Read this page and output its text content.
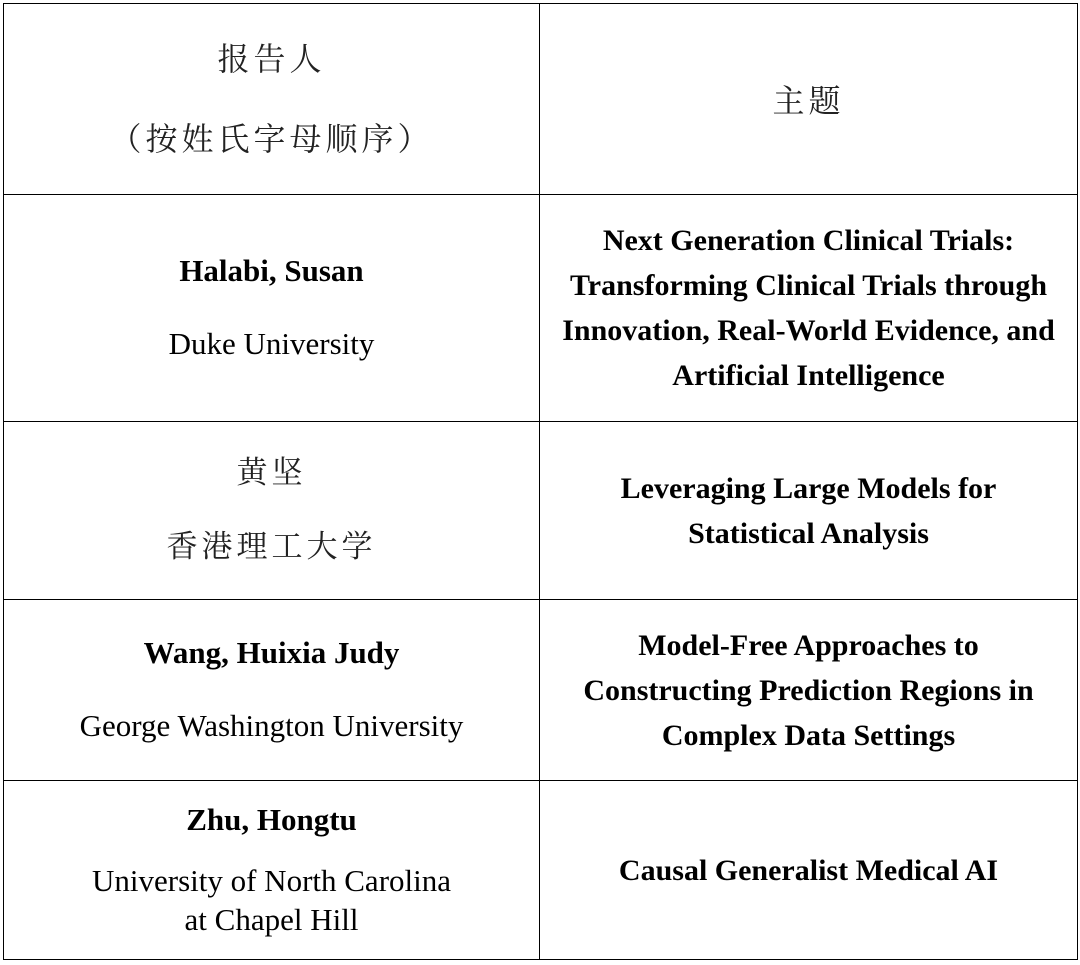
报告人
（按姓氏字母顺序）	主题

Halabi, Susan
Duke University	Next Generation Clinical Trials: Transforming Clinical Trials through Innovation, Real-World Evidence, and Artificial Intelligence

黄坚
香港理工大学	Leveraging Large Models for Statistical Analysis

Wang, Huixia Judy
George Washington University	Model-Free Approaches to Constructing Prediction Regions in Complex Data Settings

Zhu, Hongtu
University of North Carolina
at Chapel Hill	Causal Generalist Medical AI
